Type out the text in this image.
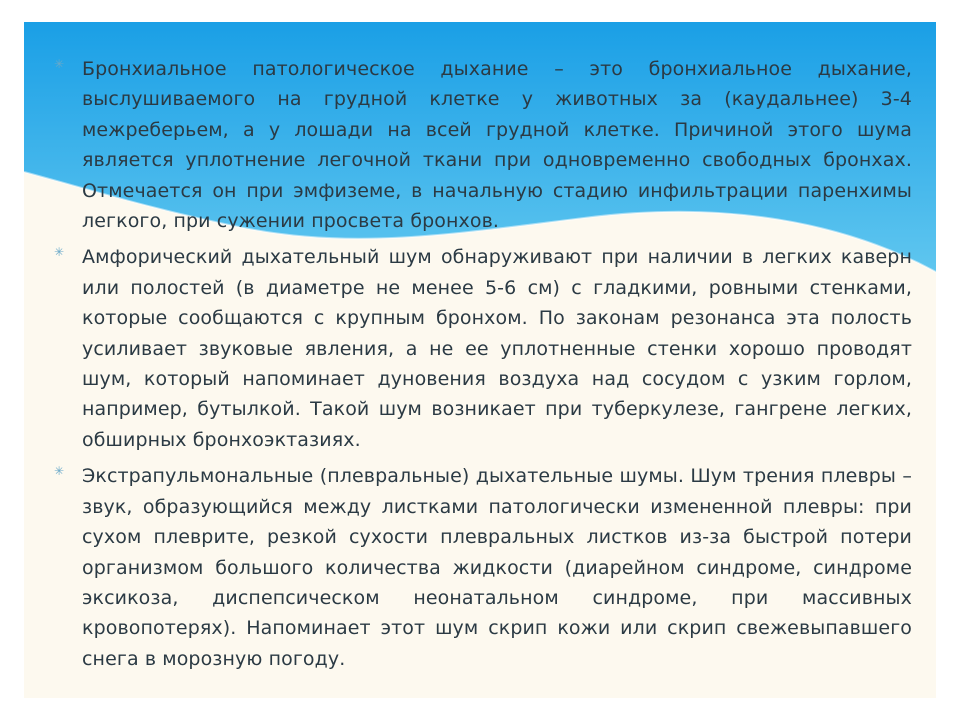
✳ Бронхиальное патологическое дыхание – это бронхиальное дыхание, выслушиваемого на грудной клетке у животных за (каудальнее) 3-4 межреберьем, а у лошади на всей грудной клетке. Причиной этого шума является уплотнение легочной ткани при одновременно свободных бронхах. Отмечается он при эмфиземе, в начальную стадию инфильтрации паренхимы легкого, при сужении просвета бронхов.
✳ Амфорический дыхательный шум обнаруживают при наличии в легких каверн или полостей (в диаметре не менее 5-6 см) с гладкими, ровными стенками, которые сообщаются с крупным бронхом. По законам резонанса эта полость усиливает звуковые явления, а не ее уплотненные стенки хорошо проводят шум, который напоминает дуновения воздуха над сосудом с узким горлом, например, бутылкой. Такой шум возникает при туберкулезе, гангрене легких, обширных бронхоэктазиях.
✳ Экстрапульмональные (плевральные) дыхательные шумы. Шум трения плевры – звук, образующийся между листками патологически измененной плевры: при сухом плеврите, резкой сухости плевральных листков из-за быстрой потери организмом большого количества жидкости (диарейном синдроме, синдроме эксикоза, диспепсическом неонатальном синдроме, при массивных кровопотерях). Напоминает этот шум скрип кожи или скрип свежевыпавшего снега в морозную погоду.
